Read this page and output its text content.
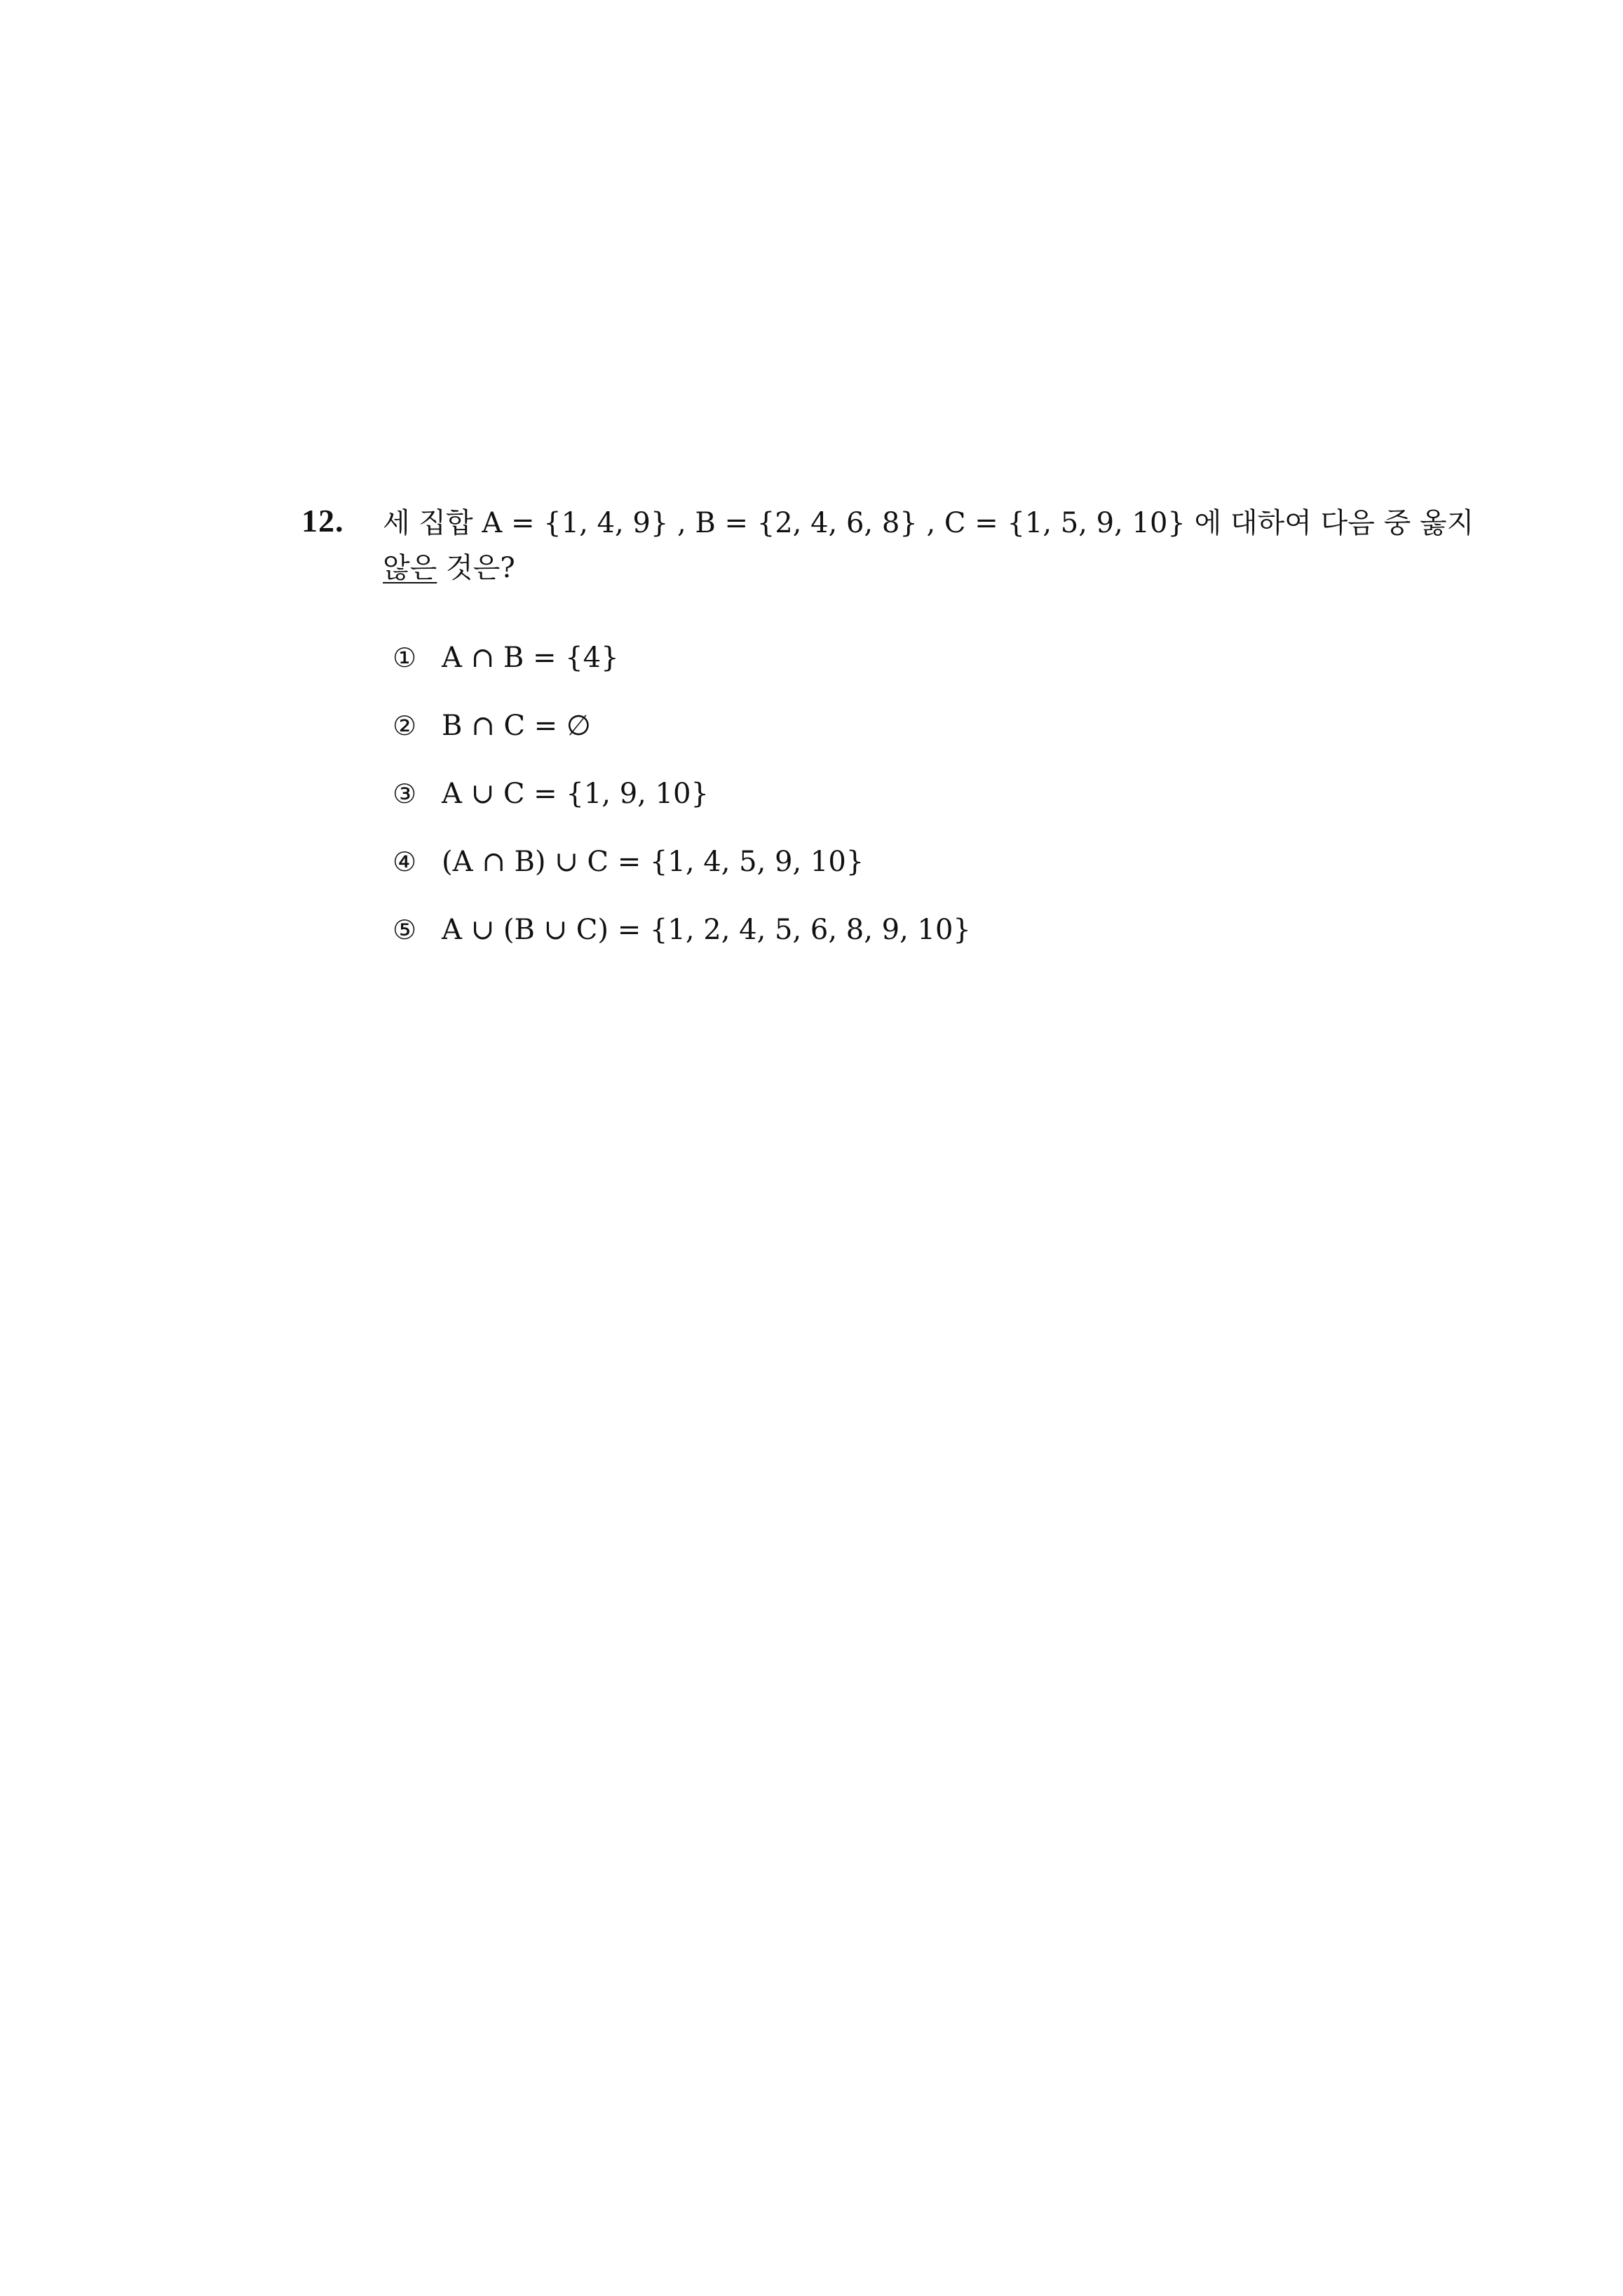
12. 세 집합 A = {1, 4, 9} , B = {2, 4, 6, 8} , C = {1, 5, 9, 10} 에 대하여 다음 중 옳지
않은 것은?
① A ∩ B = {4}
② B ∩ C = ∅
③ A ∪ C = {1, 9, 10}
④ (A ∩ B) ∪ C = {1, 4, 5, 9, 10}
⑤ A ∪ (B ∪ C) = {1, 2, 4, 5, 6, 8, 9, 10}
